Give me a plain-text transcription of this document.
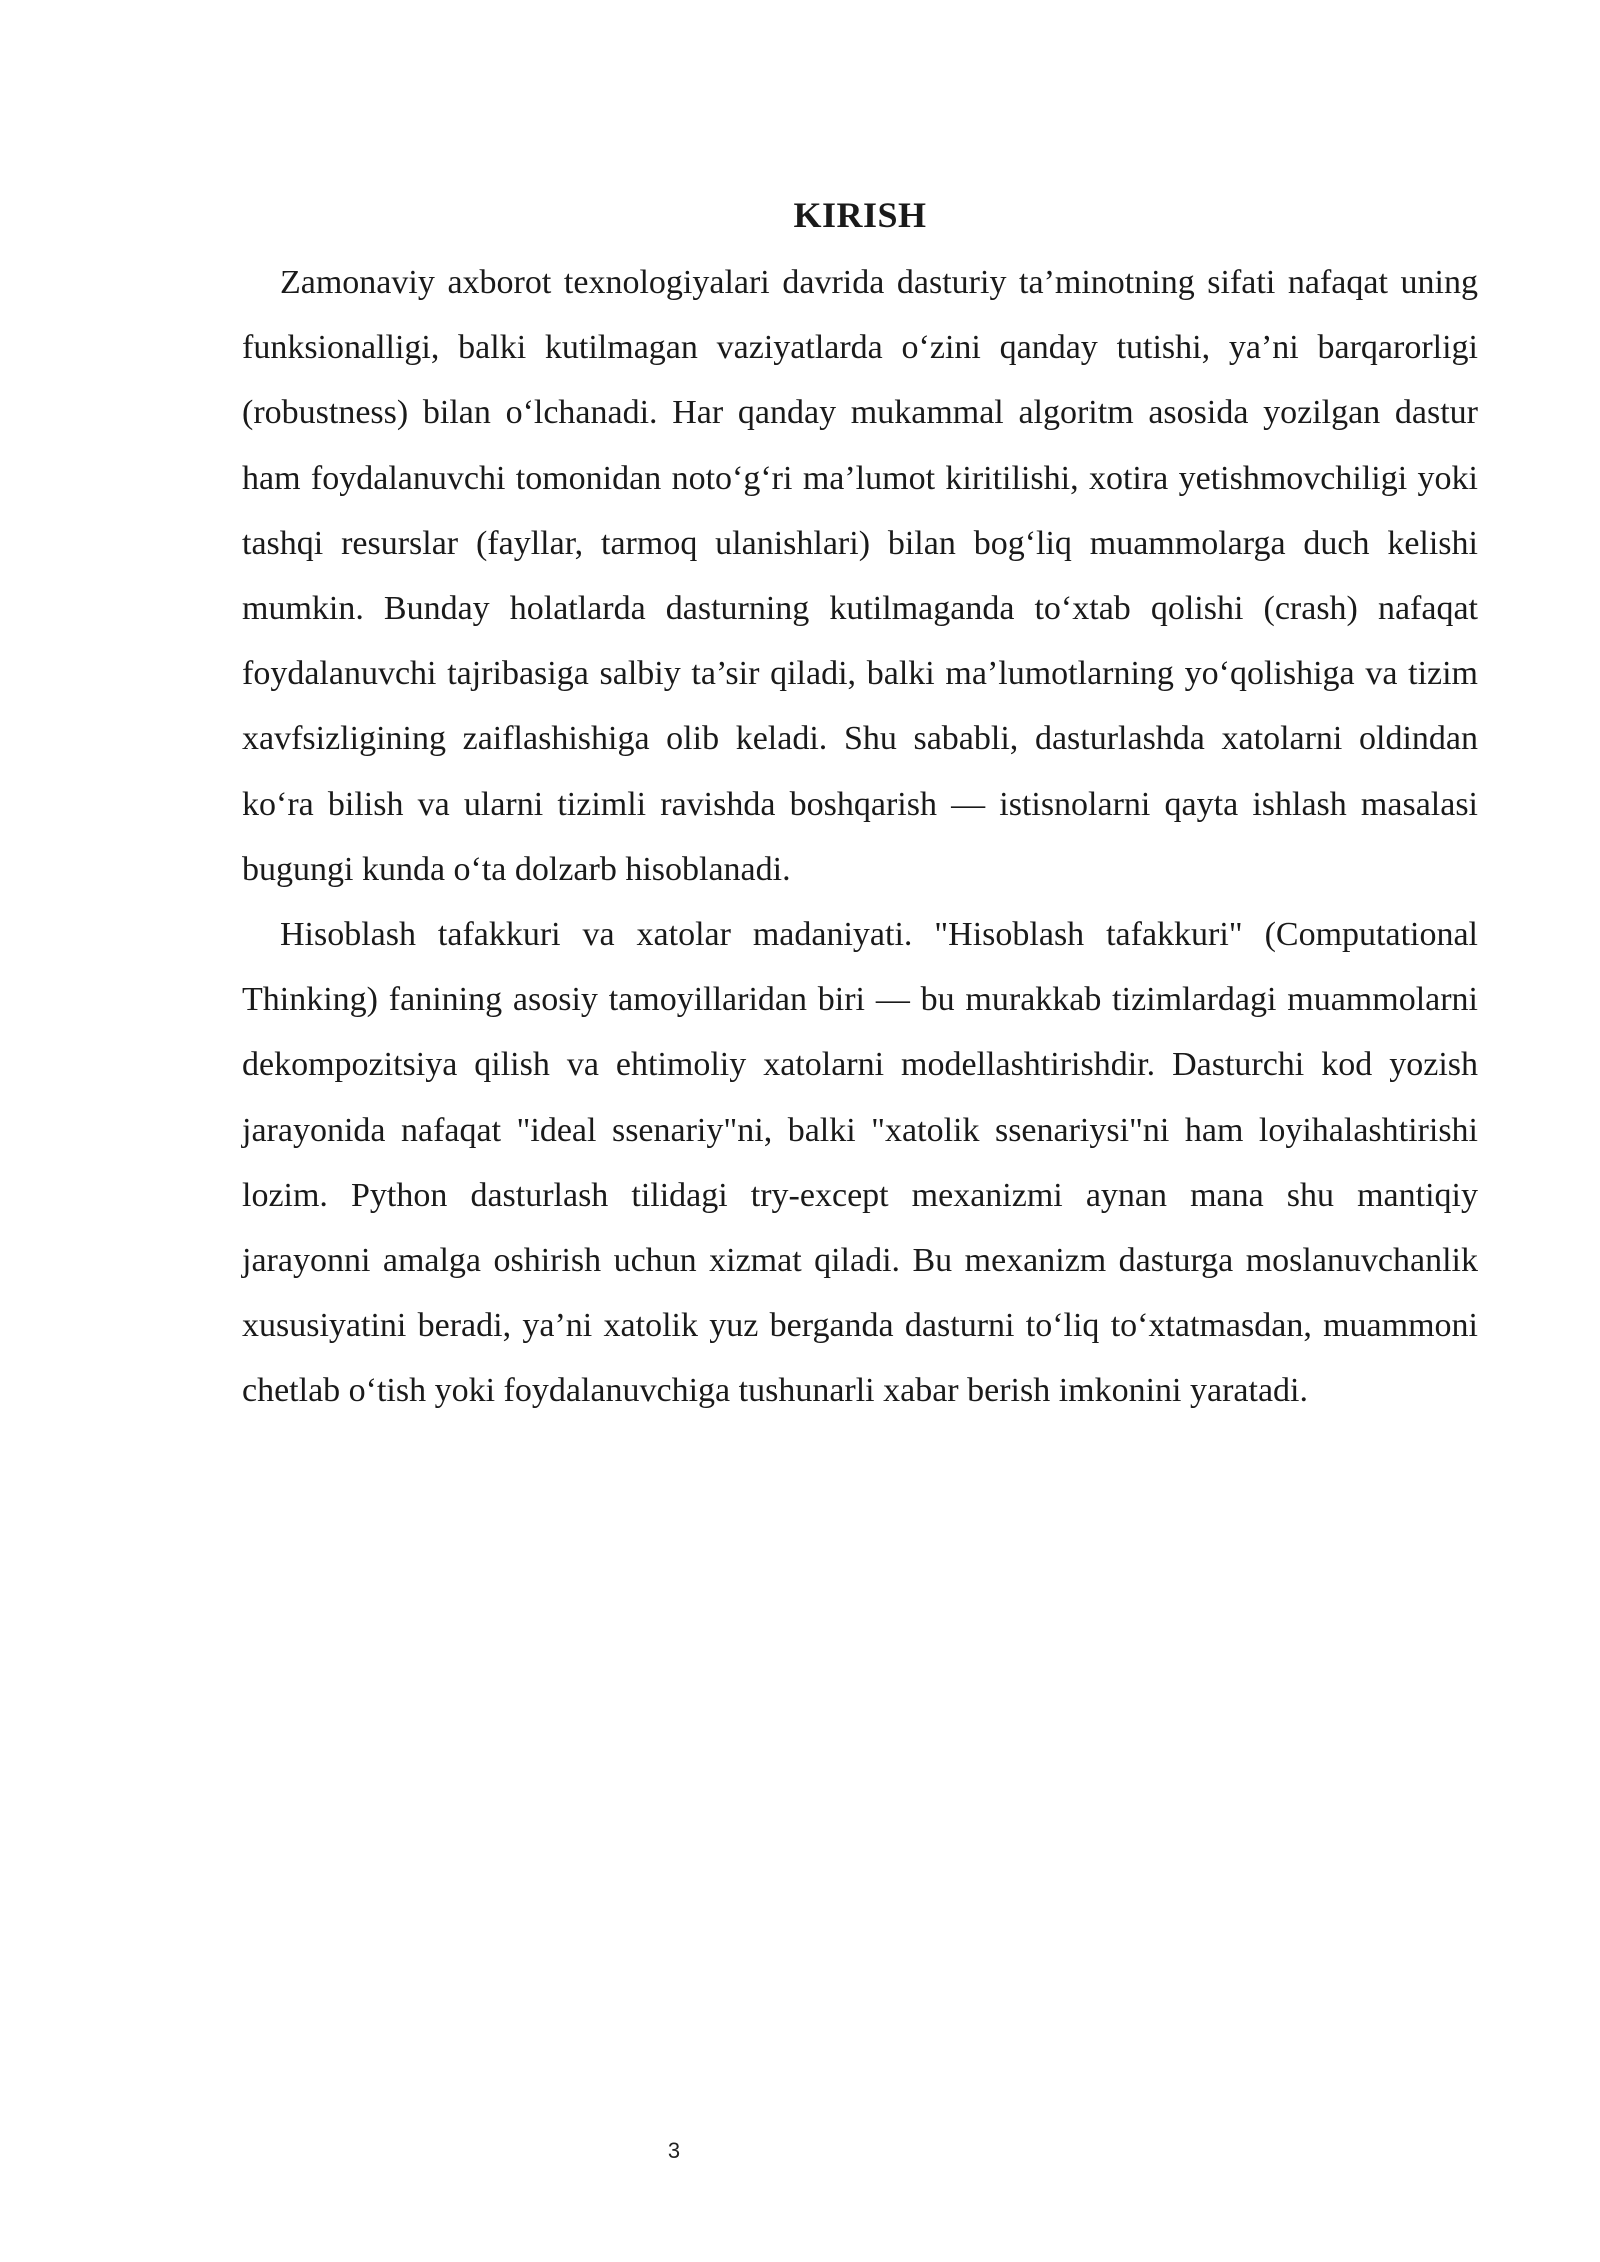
KIRISH

Zamonaviy axborot texnologiyalari davrida dasturiy ta’minotning sifati nafaqat uning funksionalligi, balki kutilmagan vaziyatlarda o‘zini qanday tutishi, ya’ni barqarorligi (robustness) bilan o‘lchanadi. Har qanday mukammal algoritm asosida yozilgan dastur ham foydalanuvchi tomonidan noto‘g‘ri ma’lumot kiritilishi, xotira yetishmovchiligi yoki tashqi resurslar (fayllar, tarmoq ulanishlari) bilan bog‘liq muammolarga duch kelishi mumkin. Bunday holatlarda dasturning kutilmaganda to‘xtab qolishi (crash) nafaqat foydalanuvchi tajribasiga salbiy ta’sir qiladi, balki ma’lumotlarning yo‘qolishiga va tizim xavfsizligining zaiflashishiga olib keladi. Shu sababli, dasturlashda xatolarni oldindan ko‘ra bilish va ularni tizimli ravishda boshqarish — istisnolarni qayta ishlash masalasi bugungi kunda o‘ta dolzarb hisoblanadi.

Hisoblash tafakkuri va xatolar madaniyati. "Hisoblash tafakkuri" (Computational Thinking) fanining asosiy tamoyillaridan biri — bu murakkab tizimlardagi muammolarni dekompozitsiya qilish va ehtimoliy xatolarni modellashtirishdir. Dasturchi kod yozish jarayonida nafaqat "ideal ssenariy"ni, balki "xatolik ssenariysi"ni ham loyihalashtirishi lozim. Python dasturlash tilidagi try-except mexanizmi aynan mana shu mantiqiy jarayonni amalga oshirish uchun xizmat qiladi. Bu mexanizm dasturga moslanuvchanlik xususiyatini beradi, ya’ni xatolik yuz berganda dasturni to‘liq to‘xtatmasdan, muammoni chetlab o‘tish yoki foydalanuvchiga tushunarli xabar berish imkonini yaratadi.

3
